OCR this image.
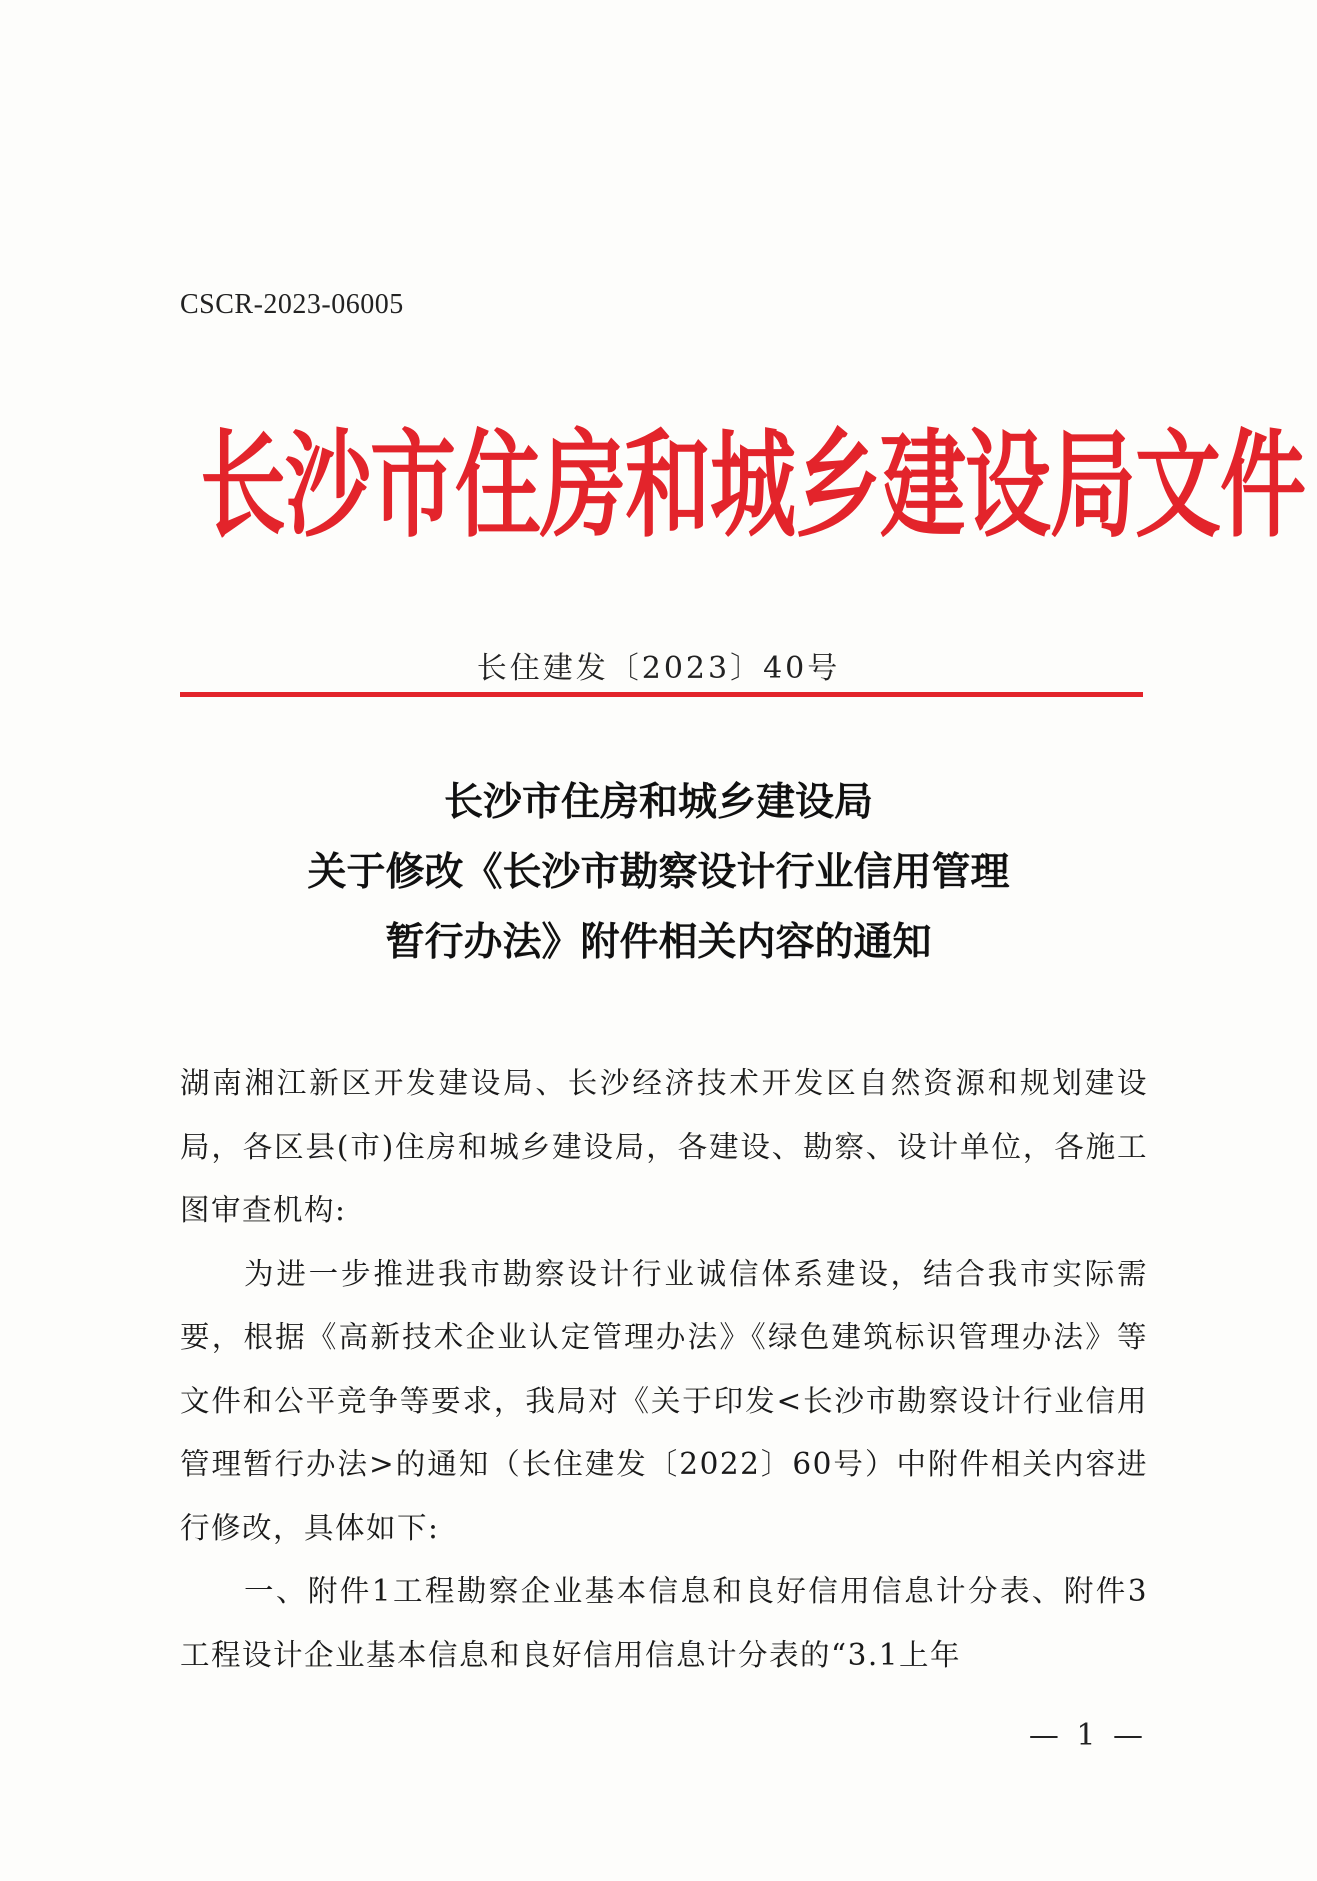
CSCR-2023-06005
长沙市住房和城乡建设局文件
长住建发〔2023〕40号
长沙市住房和城乡建设局
关于修改《长沙市勘察设计行业信用管理
暂行办法》附件相关内容的通知

湖南湘江新区开发建设局、长沙经济技术开发区自然资源和规划建设局，各区县(市)住房和城乡建设局，各建设、勘察、设计单位，各施工图审查机构:

为进一步推进我市勘察设计行业诚信体系建设，结合我市实际需要，根据《高新技术企业认定管理办法》《绿色建筑标识管理办法》等文件和公平竞争等要求，我局对《关于印发<长沙市勘察设计行业信用管理暂行办法>的通知（长住建发〔2022〕60号）中附件相关内容进行修改，具体如下:

一、附件1工程勘察企业基本信息和良好信用信息计分表、附件3工程设计企业基本信息和良好信用信息计分表的“3.1上年

— 1 —
